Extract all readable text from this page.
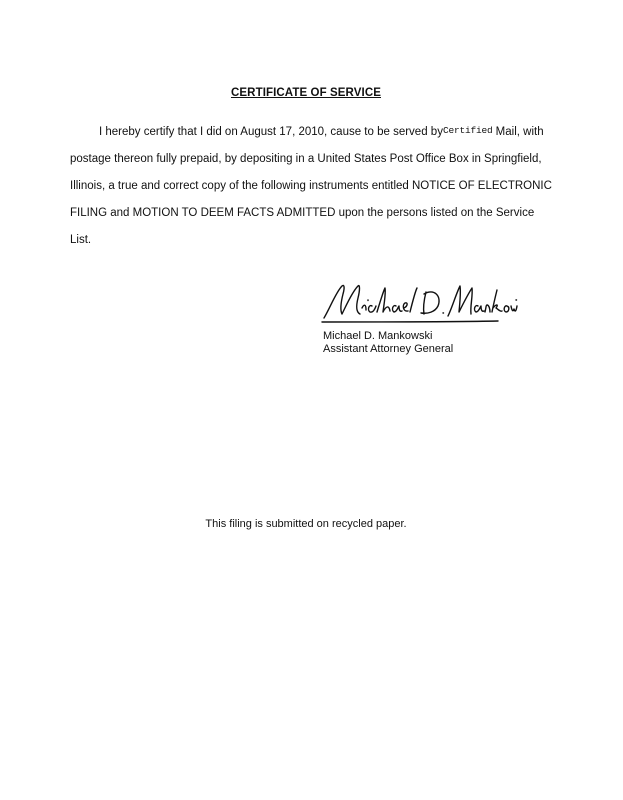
CERTIFICATE OF SERVICE
I hereby certify that I did on August 17, 2010, cause to be served byCertified Mail, with
postage thereon fully prepaid, by depositing in a United States Post Office Box in Springfield,
Illinois, a true and correct copy of the following instruments entitled NOTICE OF ELECTRONIC
FILING and MOTION TO DEEM FACTS ADMITTED upon the persons listed on the Service
List.
Michael D. Mankowski
Assistant Attorney General
This filing is submitted on recycled paper.
